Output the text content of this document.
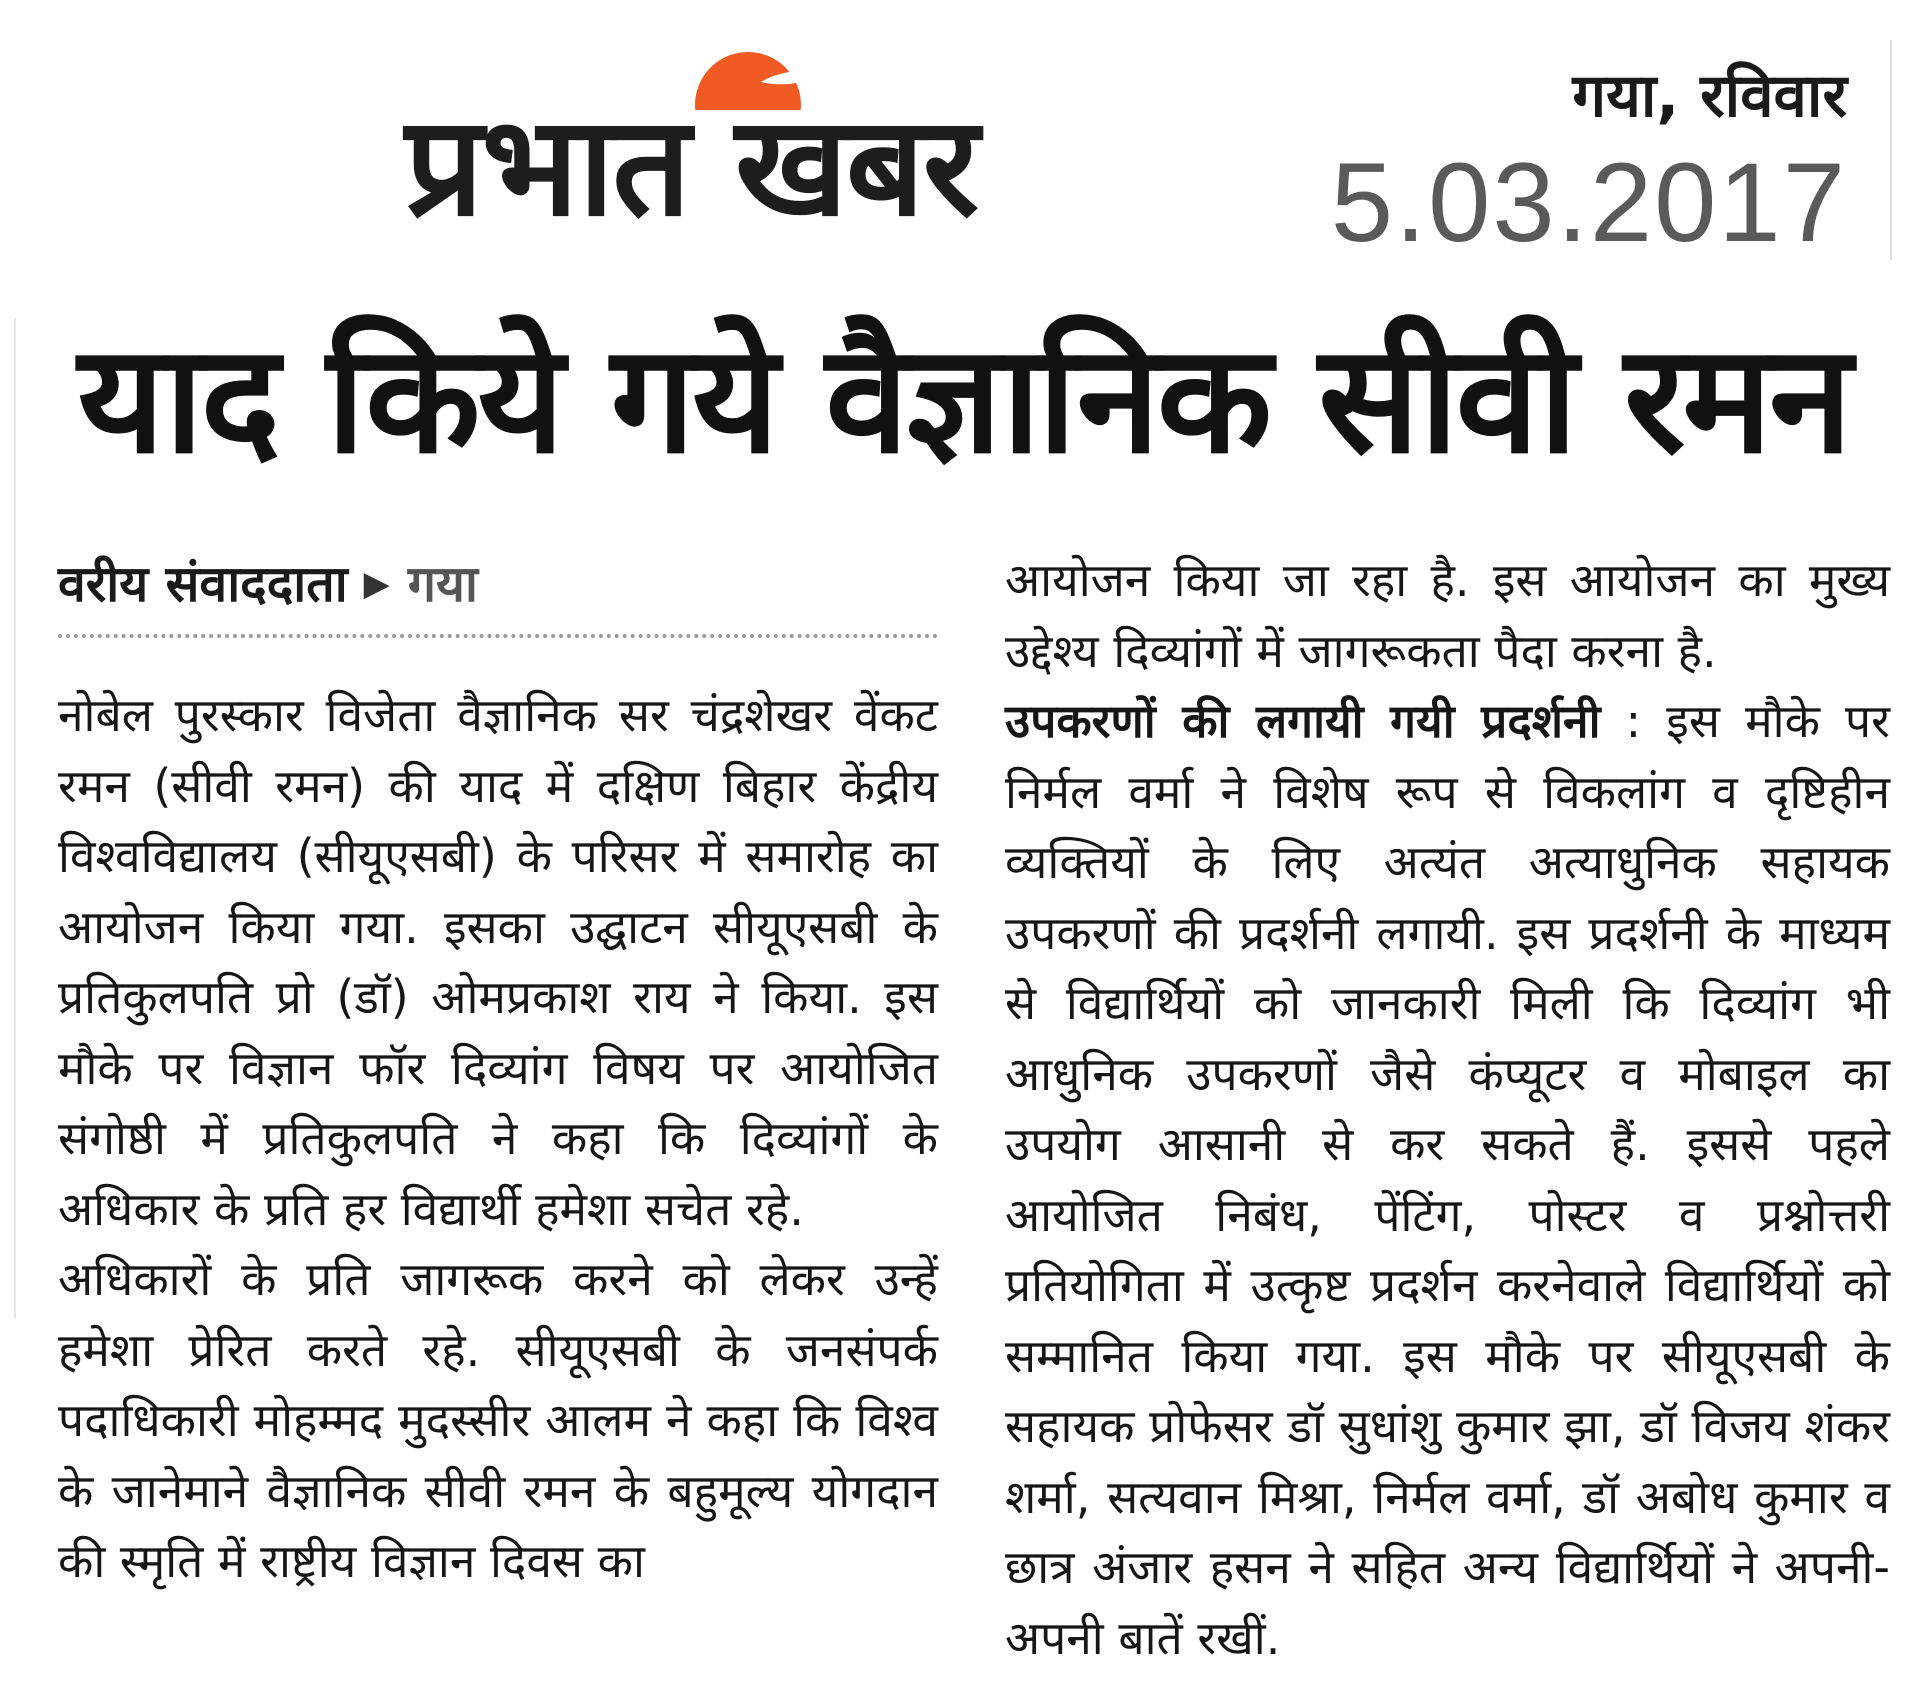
प्रभात खबर	गया, रविवार
5.03.2017
याद किये गये वैज्ञानिक सीवी रमन
वरीय संवाददाता ▶ गया

नोबेल पुरस्कार विजेता वैज्ञानिक सर चंद्रशेखर वेंकट रमन (सीवी रमन) की याद में दक्षिण बिहार केंद्रीय विश्वविद्यालय (सीयूएसबी) के परिसर में समारोह का आयोजन किया गया. इसका उद्घाटन सीयूएसबी के प्रतिकुलपति प्रो (डॉ) ओमप्रकाश राय ने किया. इस मौके पर विज्ञान फॉर दिव्यांग विषय पर आयोजित संगोष्ठी में प्रतिकुलपति ने कहा कि दिव्यांगों के अधिकार के प्रति हर विद्यार्थी हमेशा सचेत रहे.

अधिकारों के प्रति जागरूक करने को लेकर उन्हें हमेशा प्रेरित करते रहे. सीयूएसबी के जनसंपर्क पदाधिकारी मोहम्मद मुदस्सीर आलम ने कहा कि विश्व के जानेमाने वैज्ञानिक सीवी रमन के बहुमूल्य योगदान की स्मृति में राष्ट्रीय विज्ञान दिवस का

आयोजन किया जा रहा है. इस आयोजन का मुख्य उद्देश्य दिव्यांगों में जागरूकता पैदा करना है.

उपकरणों की लगायी गयी प्रदर्शनी : इस मौके पर निर्मल वर्मा ने विशेष रूप से विकलांग व दृष्टिहीन व्यक्तियों के लिए अत्यंत अत्याधुनिक सहायक उपकरणों की प्रदर्शनी लगायी. इस प्रदर्शनी के माध्यम से विद्यार्थियों को जानकारी मिली कि दिव्यांग भी आधुनिक उपकरणों जैसे कंप्यूटर व मोबाइल का उपयोग आसानी से कर सकते हैं. इससे पहले आयोजित निबंध, पेंटिंग, पोस्टर व प्रश्नोत्तरी प्रतियोगिता में उत्कृष्ट प्रदर्शन करनेवाले विद्यार्थियों को सम्मानित किया गया. इस मौके पर सीयूएसबी के सहायक प्रोफेसर डॉ सुधांशु कुमार झा, डॉ विजय शंकर शर्मा, सत्यवान मिश्रा, निर्मल वर्मा, डॉ अबोध कुमार व छात्र अंजार हसन ने सहित अन्य विद्यार्थियों ने अपनी-अपनी बातें रखीं.
